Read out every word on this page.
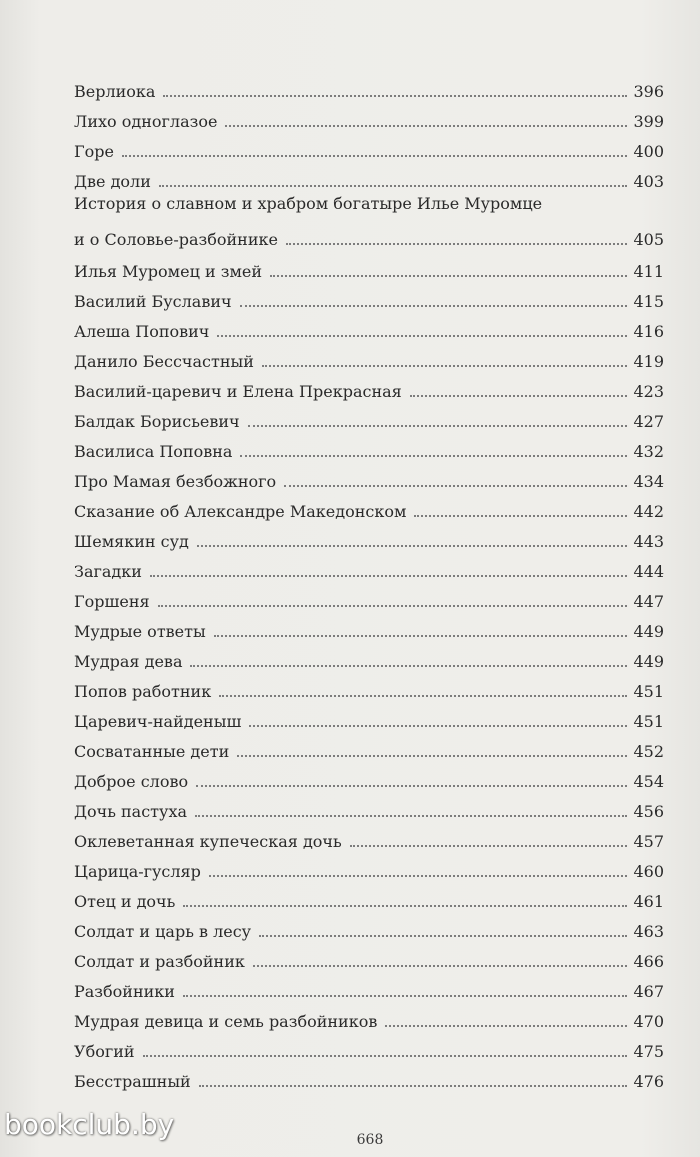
Верлиока	396
Лихо одноглазое	399
Горе	400
Две доли	403
История о славном и храбром богатыре Илье Муромце
и о Соловье-разбойнике	405
Илья Муромец и змей	411
Василий Буславич	415
Алеша Попович	416
Данило Бессчастный	419
Василий-царевич и Елена Прекрасная	423
Балдак Борисьевич	427
Василиса Поповна	432
Про Мамая безбожного	434
Сказание об Александре Македонском	442
Шемякин суд	443
Загадки	444
Горшеня	447
Мудрые ответы	449
Мудрая дева	449
Попов работник	451
Царевич-найденыш	451
Сосватанные дети	452
Доброе слово	454
Дочь пастуха	456
Оклеветанная купеческая дочь	457
Царица-гусляр	460
Отец и дочь	461
Солдат и царь в лесу	463
Солдат и разбойник	466
Разбойники	467
Мудрая девица и семь разбойников	470
Убогий	475
Бесстрашный	476
668
bookclub.by
